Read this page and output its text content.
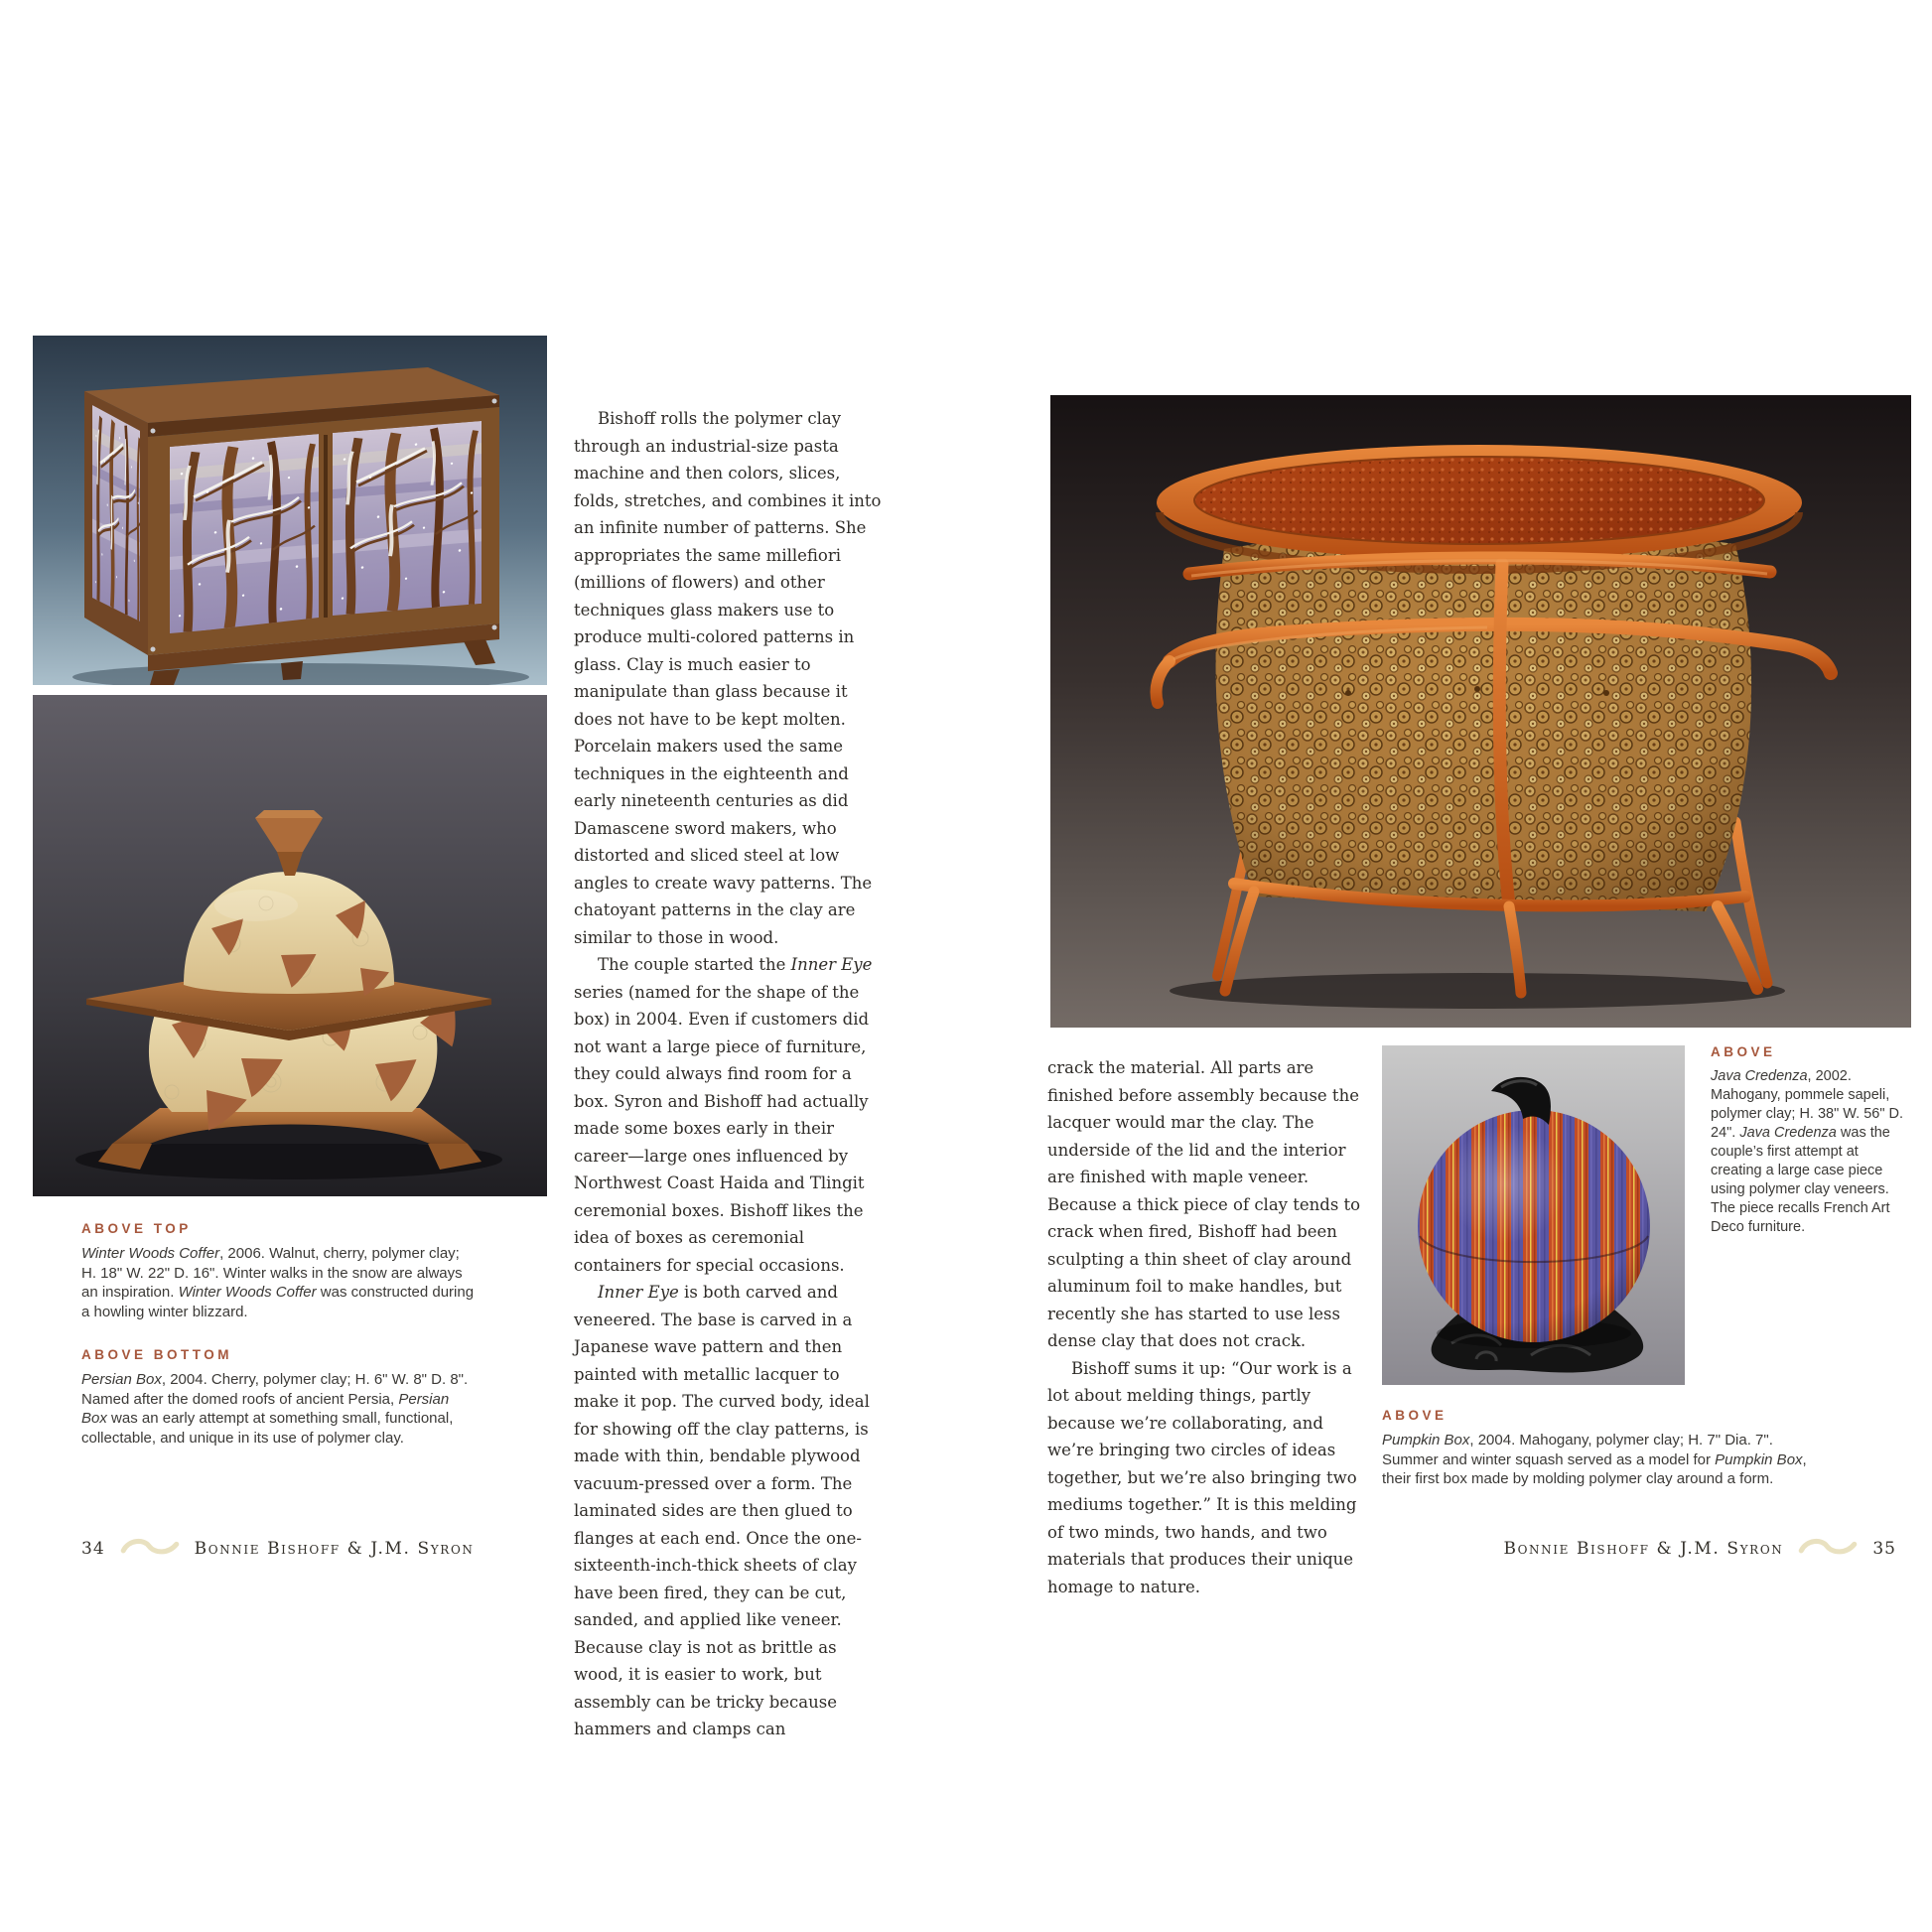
ABOVE TOP

Winter Woods Coffer, 2006. Walnut, cherry, polymer clay; H. 18" W. 22" D. 16". Winter walks in the snow are always an inspiration. Winter Woods Coffer was constructed during a howling winter blizzard.

ABOVE BOTTOM

Persian Box, 2004. Cherry, polymer clay; H. 6" W. 8" D. 8". Named after the domed roofs of ancient Persia, Persian Box was an early attempt at something small, functional, collectable, and unique in its use of polymer clay.

Bishoff rolls the polymer clay through an industrial-size pasta machine and then colors, slices, folds, stretches, and combines it into an infinite number of patterns. She appropriates the same millefiori (millions of flowers) and other techniques glass makers use to produce multi-colored patterns in glass. Clay is much easier to manipulate than glass because it does not have to be kept molten. Porcelain makers used the same techniques in the eighteenth and early nineteenth centuries as did Damascene sword makers, who distorted and sliced steel at low angles to create wavy patterns. The chatoyant patterns in the clay are similar to those in wood.

The couple started the Inner Eye series (named for the shape of the box) in 2004. Even if customers did not want a large piece of furniture, they could always find room for a box. Syron and Bishoff had actually made some boxes early in their career—large ones influenced by Northwest Coast Haida and Tlingit ceremonial boxes. Bishoff likes the idea of boxes as ceremonial containers for special occasions.

Inner Eye is both carved and veneered. The base is carved in a Japanese wave pattern and then painted with metallic lacquer to make it pop. The curved body, ideal for showing off the clay patterns, is made with thin, bendable plywood vacuum-pressed over a form. The laminated sides are then glued to flanges at each end. Once the one-sixteenth-inch-thick sheets of clay have been fired, they can be cut, sanded, and applied like veneer. Because clay is not as brittle as wood, it is easier to work, but assembly can be tricky because hammers and clamps can

crack the material. All parts are finished before assembly because the lacquer would mar the clay. The underside of the lid and the interior are finished with maple veneer. Because a thick piece of clay tends to crack when fired, Bishoff had been sculpting a thin sheet of clay around aluminum foil to make handles, but recently she has started to use less dense clay that does not crack.

Bishoff sums it up: “Our work is a lot about melding things, partly because we’re collaborating, and we’re bringing two circles of ideas together, but we’re also bringing two mediums together.” It is this melding of two minds, two hands, and two materials that produces their unique homage to nature.

ABOVE

Java Credenza, 2002. Mahogany, pommele sapeli, polymer clay; H. 38" W. 56" D. 24". Java Credenza was the couple’s first attempt at creating a large case piece using polymer clay veneers. The piece recalls French Art Deco furniture.

ABOVE

Pumpkin Box, 2004. Mahogany, polymer clay; H. 7" Dia. 7". Summer and winter squash served as a model for Pumpkin Box, their first box made by molding polymer clay around a form.

34	Bonnie Bishoff & J.M. Syron	Bonnie Bishoff & J.M. Syron	35
